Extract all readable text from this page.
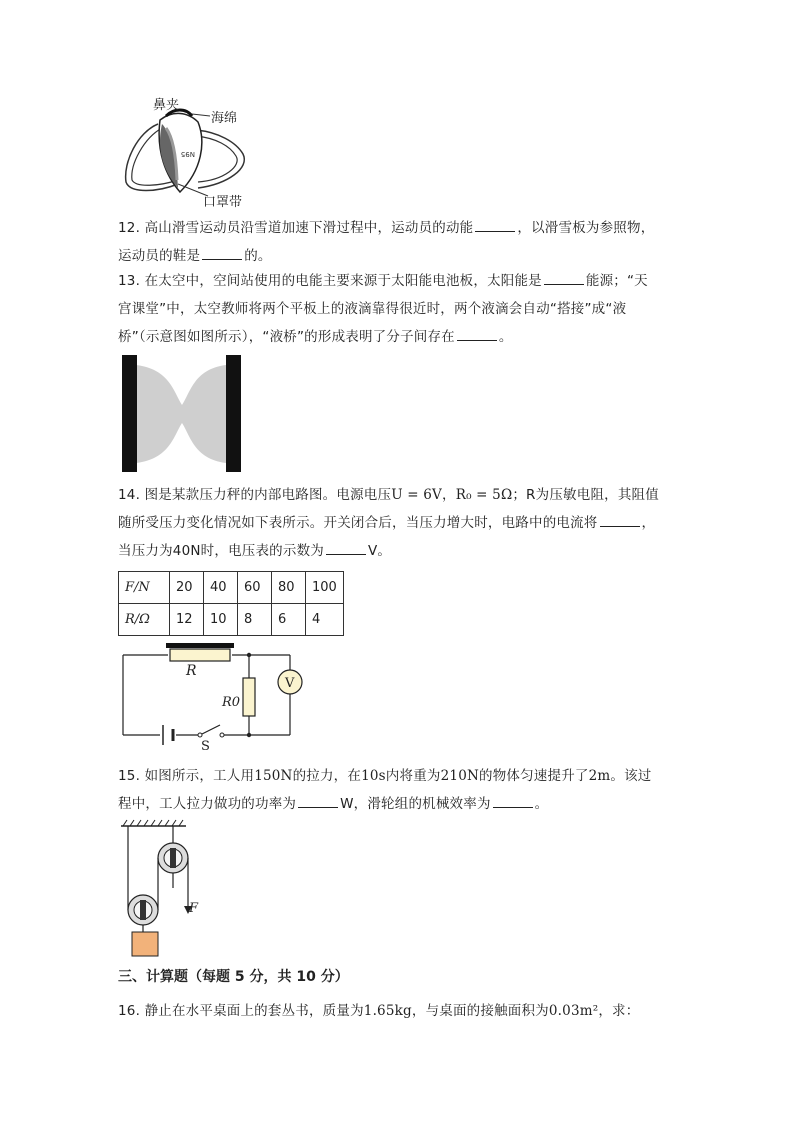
N95
鼻夹
海绵
口罩带
12. 高山滑雪运动员沿雪道加速下滑过程中，运动员的动能	，以滑雪板为参照物，
运动员的鞋是	的。
13. 在太空中，空间站使用的电能主要来源于太阳能电池板，太阳能是	能源；“天
宫课堂”中，太空教师将两个平板上的液滴靠得很近时，两个液滴会自动“搭接”成“液
桥”（示意图如图所示），“液桥”的形成表明了分子间存在	。
14. 图是某款压力秤的内部电路图。电源电压U = 6V，R₀ = 5Ω；R为压敏电阻，其阻值
随所受压力变化情况如下表所示。开关闭合后，当压力增大时，电路中的电流将	，
当压力为40N时，电压表的示数为	V。
F/N	20	40	60	80	100
R/Ω	12	10	8	6	4
R
R0
V
S
15. 如图所示，工人用150N的拉力，在10s内将重为210N的物体匀速提升了2m。该过
程中，工人拉力做功的功率为	W，滑轮组的机械效率为	。
F
三、计算题（每题 5 分，共 10 分）
16. 静止在水平桌面上的套丛书，质量为1.65kg，与桌面的接触面积为0.03m²，求：
